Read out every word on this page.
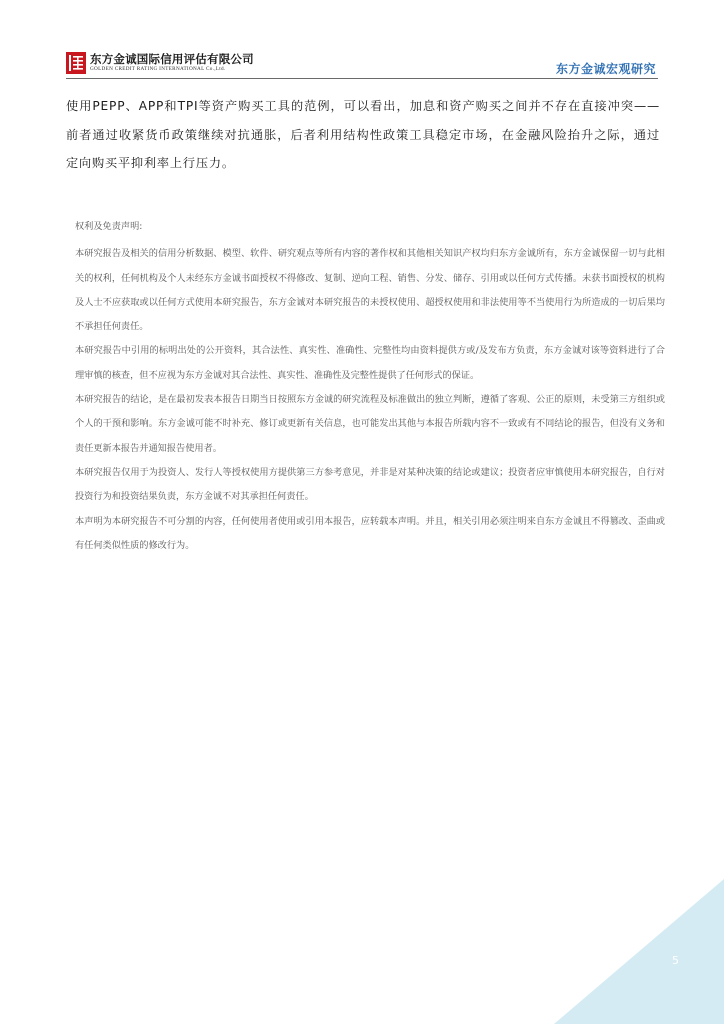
东方金诚国际信用评估有限公司
GOLDEN CREDIT RATING INTERNATIONAL Co.,Ltd.	东方金诚宏观研究

使用PEPP、APP和TPI等资产购买工具的范例，可以看出，加息和资产购买之间并不存在直接冲突——前者通过收紧货币政策继续对抗通胀，后者利用结构性政策工具稳定市场，在金融风险抬升之际，通过定向购买平抑利率上行压力。

权利及免责声明:

本研究报告及相关的信用分析数据、模型、软件、研究观点等所有内容的著作权和其他相关知识产权均归东方金诚所有，东方金诚保留一切与此相关的权利，任何机构及个人未经东方金诚书面授权不得修改、复制、逆向工程、销售、分发、储存、引用或以任何方式传播。未获书面授权的机构及人士不应获取或以任何方式使用本研究报告，东方金诚对本研究报告的未授权使用、超授权使用和非法使用等不当使用行为所造成的一切后果均不承担任何责任。

本研究报告中引用的标明出处的公开资料，其合法性、真实性、准确性、完整性均由资料提供方或/及发布方负责，东方金诚对该等资料进行了合理审慎的核查，但不应视为东方金诚对其合法性、真实性、准确性及完整性提供了任何形式的保证。

本研究报告的结论，是在最初发表本报告日期当日按照东方金诚的研究流程及标准做出的独立判断，遵循了客观、公正的原则，未受第三方组织或个人的干预和影响。东方金诚可能不时补充、修订或更新有关信息，也可能发出其他与本报告所载内容不一致或有不同结论的报告，但没有义务和责任更新本报告并通知报告使用者。

本研究报告仅用于为投资人、发行人等授权使用方提供第三方参考意见，并非是对某种决策的结论或建议；投资者应审慎使用本研究报告，自行对投资行为和投资结果负责，东方金诚不对其承担任何责任。

本声明为本研究报告不可分割的内容，任何使用者使用或引用本报告，应转载本声明。并且，相关引用必须注明来自东方金诚且不得篡改、歪曲或有任何类似性质的修改行为。

5
